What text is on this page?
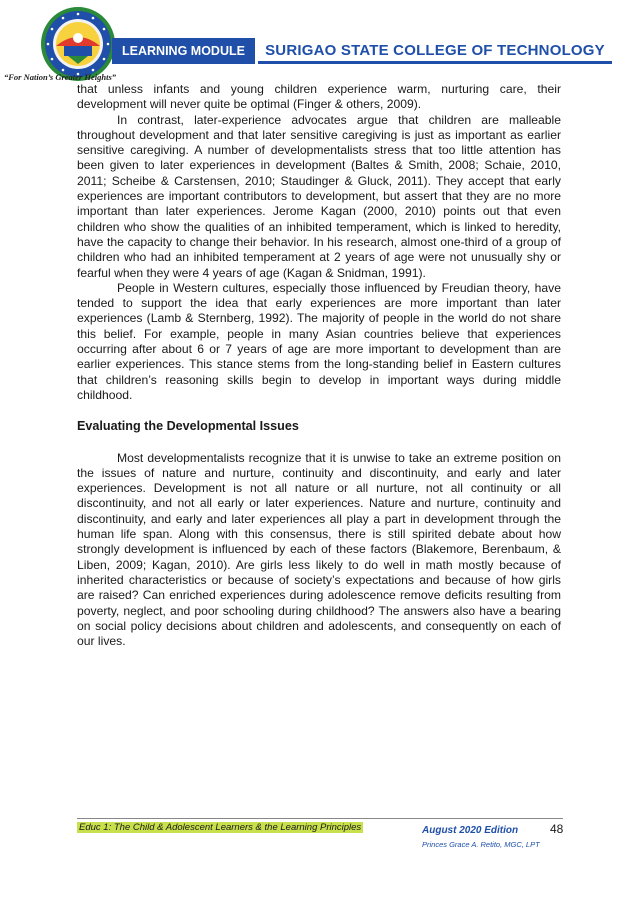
“For Nation’s Greater Heights”
LEARNING MODULE	SURIGAO STATE COLLEGE OF TECHNOLOGY

that unless infants and young children experience warm, nurturing care, their development will never quite be optimal (Finger & others, 2009).

In contrast, later-experience advocates argue that children are malleable throughout development and that later sensitive caregiving is just as important as earlier sensitive caregiving. A number of developmentalists stress that too little attention has been given to later experiences in development (Baltes & Smith, 2008; Schaie, 2010, 2011; Scheibe & Carstensen, 2010; Staudinger & Gluck, 2011). They accept that early experiences are important contributors to development, but assert that they are no more important than later experiences. Jerome Kagan (2000, 2010) points out that even children who show the qualities of an inhibited temperament, which is linked to heredity, have the capacity to change their behavior. In his research, almost one-third of a group of children who had an inhibited temperament at 2 years of age were not unusually shy or fearful when they were 4 years of age (Kagan & Snidman, 1991).

People in Western cultures, especially those influenced by Freudian theory, have tended to support the idea that early experiences are more important than later experiences (Lamb & Sternberg, 1992). The majority of people in the world do not share this belief. For example, people in many Asian countries believe that experiences occurring after about 6 or 7 years of age are more important to development than are earlier experiences. This stance stems from the long-standing belief in Eastern cultures that children’s reasoning skills begin to develop in important ways during middle childhood.

Evaluating the Developmental Issues

Most developmentalists recognize that it is unwise to take an extreme position on the issues of nature and nurture, continuity and discontinuity, and early and later experiences. Development is not all nature or all nurture, not all continuity or all discontinuity, and not all early or later experiences. Nature and nurture, continuity and discontinuity, and early and later experiences all play a part in development through the human life span. Along with this consensus, there is still spirited debate about how strongly development is influenced by each of these factors (Blakemore, Berenbaum, & Liben, 2009; Kagan, 2010). Are girls less likely to do well in math mostly because of inherited characteristics or because of society’s expectations and because of how girls are raised? Can enriched experiences during adolescence remove deficits resulting from poverty, neglect, and poor schooling during childhood? The answers also have a bearing on social policy decisions about children and adolescents, and consequently on each of our lives.

Educ 1: The Child & Adolescent Learners & the Learning Principles	August 2020 Edition
Princes Grace A. Retito, MGC, LPT
48
